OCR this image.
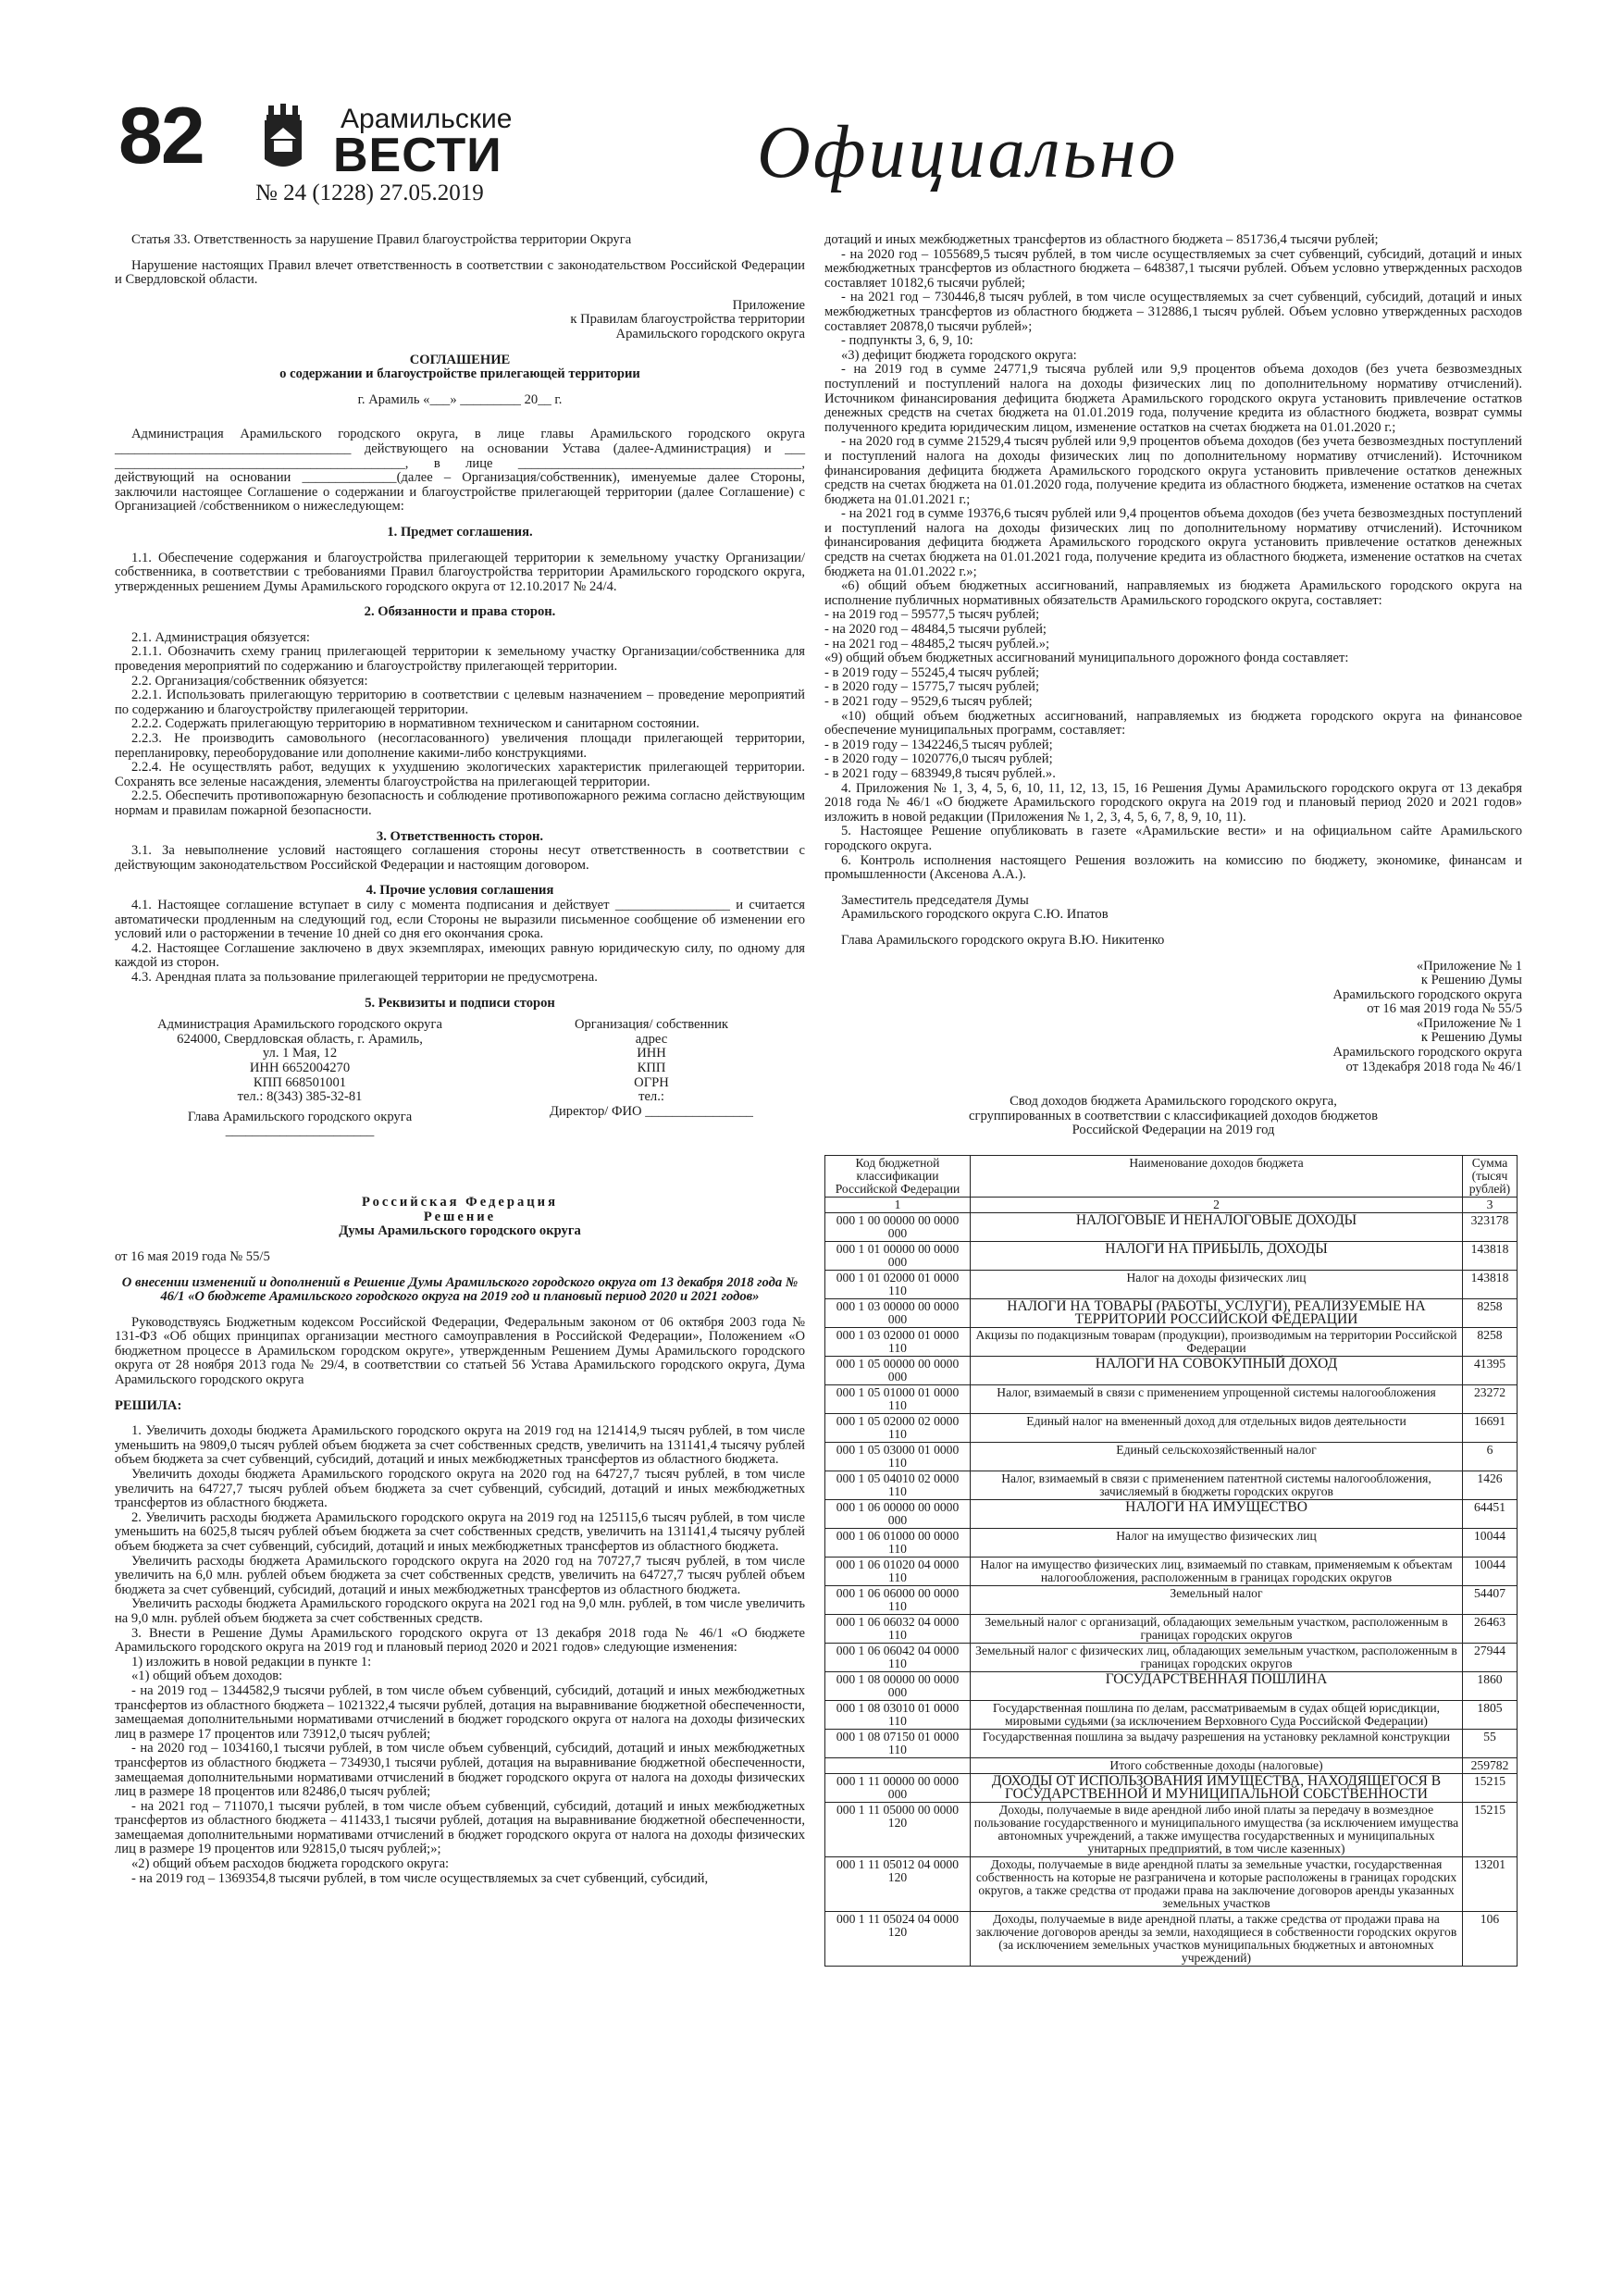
82	Арамильские
ВЕСТИ
№ 24 (1228) 27.05.2019	Официально

Статья 33. Ответственность за нарушение Правил благоустройства территории Округа

Нарушение настоящих Правил влечет ответственность в соответствии с законодательством Российской Федерации и Свердловской области.

Приложение

к Правилам благоустройства территории

Арамильского городского округа

СОГЛАШЕНИЕ

о содержании и благоустройстве прилегающей территории

г. Арамиль «___» _________ 20__ г.

Администрация Арамильского городского округа, в лице главы Арамильского городского округа ___________________________________ действующего на основании Устава (далее-Администрация) и ___ ___________________________________________, в лице __________________________________________, действующий на основании ______________(далее – Организация/собственник), именуемые далее Стороны, заключили настоящее Соглашение о содержании и благоустройстве прилегающей территории (далее Соглашение) с Организацией /собственником о нижеследующем:

1. Предмет соглашения.

1.1. Обеспечение содержания и благоустройства прилегающей территории к земельному участку Организации/собственника, в соответствии с требованиями Правил благоустройства территории Арамильского городского округа, утвержденных решением Думы Арамильского городского округа от 12.10.2017 № 24/4.

2. Обязанности и права сторон.

2.1. Администрация обязуется:

2.1.1. Обозначить схему границ прилегающей территории к земельному участку Организации/собственника для проведения мероприятий по содержанию и благоустройству прилегающей территории.

2.2. Организация/собственник обязуется:

2.2.1. Использовать прилегающую территорию в соответствии с целевым назначением – проведение мероприятий по содержанию и благоустройству прилегающей территории.

2.2.2. Содержать прилегающую территорию в нормативном техническом и санитарном состоянии.

2.2.3. Не производить самовольного (несогласованного) увеличения площади прилегающей территории, перепланировку, переоборудование или дополнение какими-либо конструкциями.

2.2.4. Не осуществлять работ, ведущих к ухудшению экологических характеристик прилегающей территории. Сохранять все зеленые насаждения, элементы благоустройства на прилегающей территории.

2.2.5. Обеспечить противопожарную безопасность и соблюдение противопожарного режима согласно действующим нормам и правилам пожарной безопасности.

3. Ответственность сторон.

3.1. За невыполнение условий настоящего соглашения стороны несут ответственность в соответствии с действующим законодательством Российской Федерации и настоящим договором.

4. Прочие условия соглашения

4.1. Настоящее соглашение вступает в силу с момента подписания и действует _________________ и считается автоматически продленным на следующий год, если Стороны не выразили письменное сообщение об изменении его условий или о расторжении в течение 10 дней со дня его окончания срока.

4.2. Настоящее Соглашение заключено в двух экземплярах, имеющих равную юридическую силу, по одному для каждой из сторон.

4.3. Арендная плата за пользование прилегающей территории не предусмотрена.

5. Реквизиты и подписи сторон

Администрация Арамильского городского округа

624000, Свердловская область, г. Арамиль,

ул. 1 Мая, 12

ИНН 6652004270

КПП 668501001

тел.: 8(343) 385-32-81

Глава Арамильского городского округа

______________________

Организация/ собственник

адрес

ИНН

КПП

ОГРН

тел.:

Директор/ ФИО ________________

Российская Федерация

Решение

Думы Арамильского городского округа

от 16 мая 2019 года № 55/5

О внесении изменений и дополнений в Решение Думы Арамильского городского округа от 13 декабря 2018 года № 46/1 «О бюджете Арамильского городского округа на 2019 год и плановый период 2020 и 2021 годов»

Руководствуясь Бюджетным кодексом Российской Федерации, Федеральным законом от 06 октября 2003 года № 131-ФЗ «Об общих принципах организации местного самоуправления в Российской Федерации», Положением «О бюджетном процессе в Арамильском городском округе», утвержденным Решением Думы Арамильского городского округа от 28 ноября 2013 года № 29/4, в соответствии со статьей 56 Устава Арамильского городского округа, Дума Арамильского городского округа

РЕШИЛА:

1. Увеличить доходы бюджета Арамильского городского округа на 2019 год на 121414,9 тысяч рублей, в том числе уменьшить на 9809,0 тысяч рублей объем бюджета за счет собственных средств, увеличить на 131141,4 тысячу рублей объем бюджета за счет субвенций, субсидий, дотаций и иных межбюджетных трансфертов из областного бюджета.

Увеличить доходы бюджета Арамильского городского округа на 2020 год на 64727,7 тысяч рублей, в том числе увеличить на 64727,7 тысяч рублей объем бюджета за счет субвенций, субсидий, дотаций и иных межбюджетных трансфертов из областного бюджета.

2. Увеличить расходы бюджета Арамильского городского округа на 2019 год на 125115,6 тысяч рублей, в том числе уменьшить на 6025,8 тысяч рублей объем бюджета за счет собственных средств, увеличить на 131141,4 тысячу рублей объем бюджета за счет субвенций, субсидий, дотаций и иных межбюджетных трансфертов из областного бюджета.

Увеличить расходы бюджета Арамильского городского округа на 2020 год на 70727,7 тысяч рублей, в том числе увеличить на 6,0 млн. рублей объем бюджета за счет собственных средств, увеличить на 64727,7 тысяч рублей объем бюджета за счет субвенций, субсидий, дотаций и иных межбюджетных трансфертов из областного бюджета.

Увеличить расходы бюджета Арамильского городского округа на 2021 год на 9,0 млн. рублей, в том числе увеличить на 9,0 млн. рублей объем бюджета за счет собственных средств.

3. Внести в Решение Думы Арамильского городского округа от 13 декабря 2018 года № 46/1 «О бюджете Арамильского городского округа на 2019 год и плановый период 2020 и 2021 годов» следующие изменения:

1) изложить в новой редакции в пункте 1:

«1) общий объем доходов:

- на 2019 год – 1344582,9 тысячи рублей, в том числе объем субвенций, субсидий, дотаций и иных межбюджетных трансфертов из областного бюджета – 1021322,4 тысячи рублей, дотация на выравнивание бюджетной обеспеченности, замещаемая дополнительными нормативами отчислений в бюджет городского округа от налога на доходы физических лиц в размере 17 процентов или 73912,0 тысяч рублей;

- на 2020 год – 1034160,1 тысячи рублей, в том числе объем субвенций, субсидий, дотаций и иных межбюджетных трансфертов из областного бюджета – 734930,1 тысячи рублей, дотация на выравнивание бюджетной обеспеченности, замещаемая дополнительными нормативами отчислений в бюджет городского округа от налога на доходы физических лиц в размере 18 процентов или 82486,0 тысяч рублей;

- на 2021 год – 711070,1 тысячи рублей, в том числе объем субвенций, субсидий, дотаций и иных межбюджетных трансфертов из областного бюджета – 411433,1 тысячи рублей, дотация на выравнивание бюджетной обеспеченности, замещаемая дополнительными нормативами отчислений в бюджет городского округа от налога на доходы физических лиц в размере 19 процентов или 92815,0 тысяч рублей;»;

«2) общий объем расходов бюджета городского округа:

- на 2019 год – 1369354,8 тысячи рублей, в том числе осуществляемых за счет субвенций, субсидий,

дотаций и иных межбюджетных трансфертов из областного бюджета – 851736,4 тысячи рублей;

- на 2020 год – 1055689,5 тысяч рублей, в том числе осуществляемых за счет субвенций, субсидий, дотаций и иных межбюджетных трансфертов из областного бюджета – 648387,1 тысячи рублей. Объем условно утвержденных расходов составляет 10182,6 тысячи рублей;

- на 2021 год – 730446,8 тысяч рублей, в том числе осуществляемых за счет субвенций, субсидий, дотаций и иных межбюджетных трансфертов из областного бюджета – 312886,1 тысяч рублей. Объем условно утвержденных расходов составляет 20878,0 тысячи рублей»;

- подпункты 3, 6, 9, 10:

«3) дефицит бюджета городского округа:

- на 2019 год в сумме 24771,9 тысяча рублей или 9,9 процентов объема доходов (без учета безвозмездных поступлений и поступлений налога на доходы физических лиц по дополнительному нормативу отчислений). Источником финансирования дефицита бюджета Арамильского городского округа установить привлечение остатков денежных средств на счетах бюджета на 01.01.2019 года, получение кредита из областного бюджета, возврат суммы полученного кредита юридическим лицом, изменение остатков на счетах бюджета на 01.01.2020 г.;

- на 2020 год в сумме 21529,4 тысяч рублей или 9,9 процентов объема доходов (без учета безвозмездных поступлений и поступлений налога на доходы физических лиц по дополнительному нормативу отчислений). Источником финансирования дефицита бюджета Арамильского городского округа установить привлечение остатков денежных средств на счетах бюджета на 01.01.2020 года, получение кредита из областного бюджета, изменение остатков на счетах бюджета на 01.01.2021 г.;

- на 2021 год в сумме 19376,6 тысяч рублей или 9,4 процентов объема доходов (без учета безвозмездных поступлений и поступлений налога на доходы физических лиц по дополнительному нормативу отчислений). Источником финансирования дефицита бюджета Арамильского городского округа установить привлечение остатков денежных средств на счетах бюджета на 01.01.2021 года, получение кредита из областного бюджета, изменение остатков на счетах бюджета на 01.01.2022 г.»;

«6) общий объем бюджетных ассигнований, направляемых из бюджета Арамильского городского округа на исполнение публичных нормативных обязательств Арамильского городского округа, составляет:

- на 2019 год – 59577,5 тысяч рублей;

- на 2020 год – 48484,5 тысячи рублей;

- на 2021 год – 48485,2 тысяч рублей.»;

«9) общий объем бюджетных ассигнований муниципального дорожного фонда составляет:

- в 2019 году – 55245,4 тысяч рублей;

- в 2020 году – 15775,7 тысяч рублей;

- в 2021 году – 9529,6 тысяч рублей;

«10) общий объем бюджетных ассигнований, направляемых из бюджета городского округа на финансовое обеспечение муниципальных программ, составляет:

- в 2019 году – 1342246,5 тысяч рублей;

- в 2020 году – 1020776,0 тысяч рублей;

- в 2021 году – 683949,8 тысяч рублей.».

4. Приложения № 1, 3, 4, 5, 6, 10, 11, 12, 13, 15, 16 Решения Думы Арамильского городского округа от 13 декабря 2018 года № 46/1 «О бюджете Арамильского городского округа на 2019 год и плановый период 2020 и 2021 годов» изложить в новой редакции (Приложения № 1, 2, 3, 4, 5, 6, 7, 8, 9, 10, 11).

5. Настоящее Решение опубликовать в газете «Арамильские вести» и на официальном сайте Арамильского городского округа.

6. Контроль исполнения настоящего Решения возложить на комиссию по бюджету, экономике, финансам и промышленности (Аксенова А.А.).

Заместитель председателя Думы

Арамильского городского округа С.Ю. Ипатов

Глава Арамильского городского округа В.Ю. Никитенко

«Приложение № 1

к Решению Думы

Арамильского городского округа

от 16 мая 2019 года № 55/5

«Приложение № 1

к Решению Думы

Арамильского городского округа

от 13декабря 2018 года № 46/1

Свод доходов бюджета Арамильского городского округа,

сгруппированных в соответствии с классификацией доходов бюджетов

Российской Федерации на 2019 год

Код бюджетной классификации Российской Федерации	Наименование доходов бюджета	Сумма (тысяч рублей)
1	2	3
000 1 00 00000 00 0000 000	НАЛОГОВЫЕ И НЕНАЛОГОВЫЕ ДОХОДЫ	323178
000 1 01 00000 00 0000 000	НАЛОГИ НА ПРИБЫЛЬ, ДОХОДЫ	143818
000 1 01 02000 01 0000 110	Налог на доходы физических лиц	143818
000 1 03 00000 00 0000 000	НАЛОГИ НА ТОВАРЫ (РАБОТЫ, УСЛУГИ), РЕАЛИЗУЕМЫЕ НА ТЕРРИТОРИИ РОССИЙСКОЙ ФЕДЕРАЦИИ	8258
000 1 03 02000 01 0000 110	Акцизы по подакцизным товарам (продукции), производимым на территории Российской Федерации	8258
000 1 05 00000 00 0000 000	НАЛОГИ НА СОВОКУПНЫЙ ДОХОД	41395
000 1 05 01000 01 0000 110	Налог, взимаемый в связи с применением упрощенной системы налогообложения	23272
000 1 05 02000 02 0000 110	Единый налог на вмененный доход для отдельных видов деятельности	16691
000 1 05 03000 01 0000 110	Единый сельскохозяйственный налог	6
000 1 05 04010 02 0000 110	Налог, взимаемый в связи с применением патентной системы налогообложения, зачисляемый в бюджеты городских округов	1426
000 1 06 00000 00 0000 000	НАЛОГИ НА ИМУЩЕСТВО	64451
000 1 06 01000 00 0000 110	Налог на имущество физических лиц	10044
000 1 06 01020 04 0000 110	Налог на имущество физических лиц, взимаемый по ставкам, применяемым к объектам налогообложения, расположенным в границах городских округов	10044
000 1 06 06000 00 0000 110	Земельный налог	54407
000 1 06 06032 04 0000 110	Земельный налог с организаций, обладающих земельным участком, расположенным в границах городских округов	26463
000 1 06 06042 04 0000 110	Земельный налог с физических лиц, обладающих земельным участком, расположенным в границах городских округов	27944
000 1 08 00000 00 0000 000	ГОСУДАРСТВЕННАЯ ПОШЛИНА	1860
000 1 08 03010 01 0000 110	Государственная пошлина по делам, рассматриваемым в судах общей юрисдикции, мировыми судьями (за исключением Верховного Суда Российской Федерации)	1805
000 1 08 07150 01 0000 110	Государственная пошлина за выдачу разрешения на установку рекламной конструкции	55
	Итого собственные доходы (налоговые)	259782
000 1 11 00000 00 0000 000	ДОХОДЫ ОТ ИСПОЛЬЗОВАНИЯ ИМУЩЕСТВА, НАХОДЯЩЕГОСЯ В ГОСУДАРСТВЕННОЙ И МУНИЦИПАЛЬНОЙ СОБСТВЕННОСТИ	15215
000 1 11 05000 00 0000 120	Доходы, получаемые в виде арендной либо иной платы за передачу в возмездное пользование государственного и муниципального имущества (за исключением имущества автономных учреждений, а также имущества государственных и муниципальных унитарных предприятий, в том числе казенных)	15215
000 1 11 05012 04 0000 120	Доходы, получаемые в виде арендной платы за земельные участки, государственная собственность на которые не разграничена и которые расположены в границах городских округов, а также средства от продажи права на заключение договоров аренды указанных земельных участков	13201
000 1 11 05024 04 0000 120	Доходы, получаемые в виде арендной платы, а также средства от продажи права на заключение договоров аренды за земли, находящиеся в собственности городских округов (за исключением земельных участков муниципальных бюджетных и автономных учреждений)	106
